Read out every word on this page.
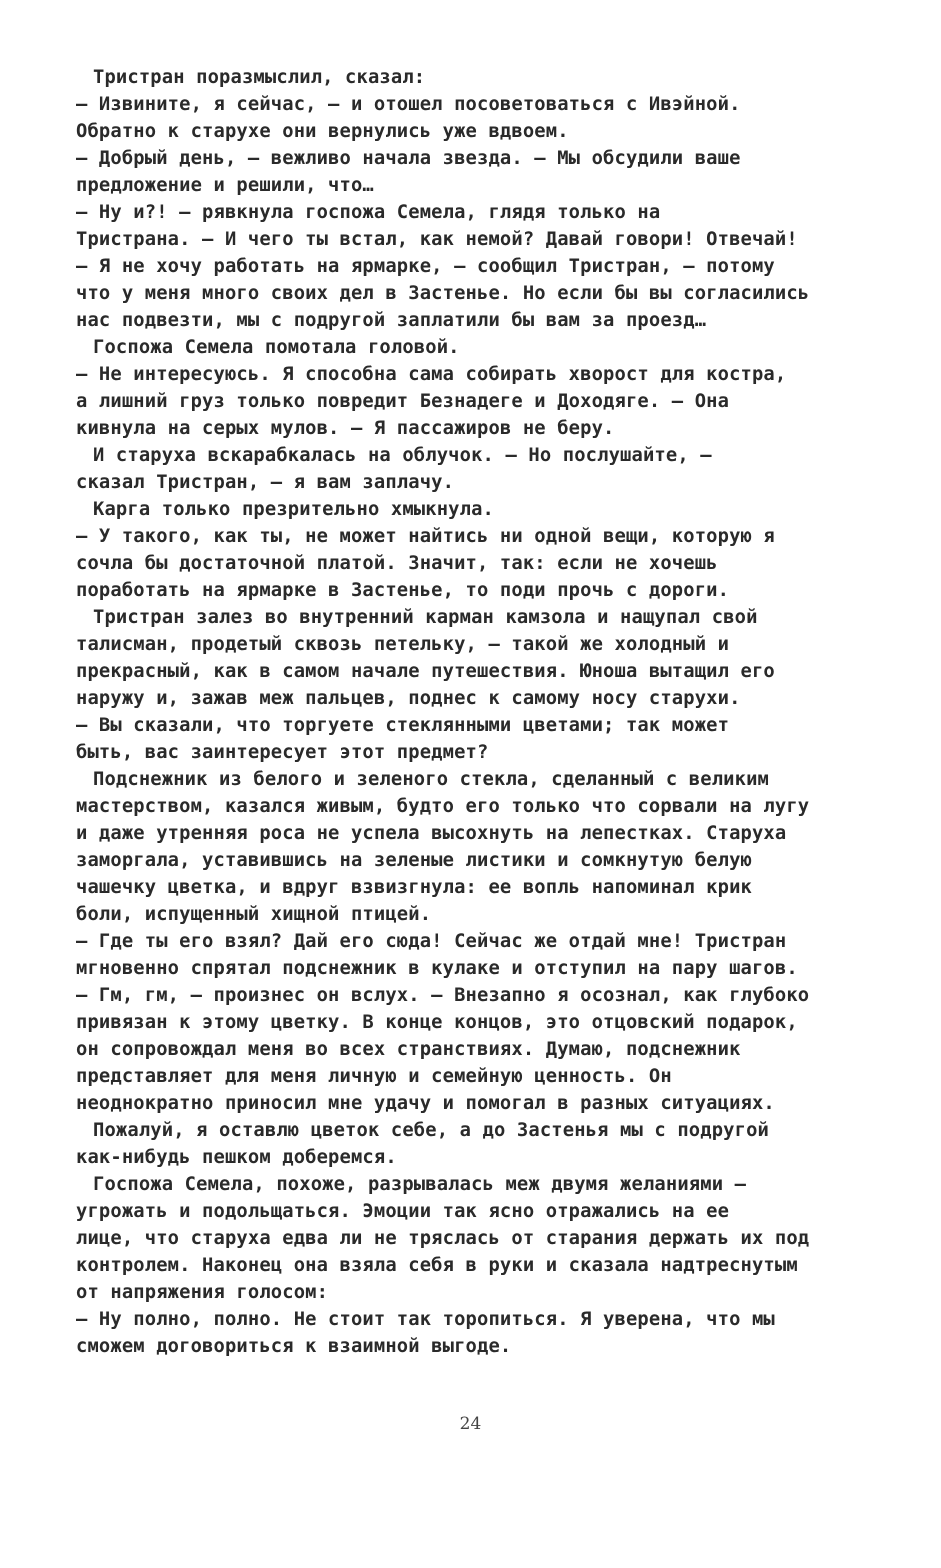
Тристран поразмыслил, сказал:
— Извините, я сейчас, — и отошел посоветоваться с Ивэйной.
Обратно к старухе они вернулись уже вдвоем.
— Добрый день, — вежливо начала звезда. — Мы обсудили ваше
предложение и решили, что…
— Ну и?! — рявкнула госпожа Семела, глядя только на
Тристрана. — И чего ты встал, как немой? Давай говори! Отвечай!
— Я не хочу работать на ярмарке, — сообщил Тристран, — потому
что у меня много своих дел в Застенье. Но если бы вы согласились
нас подвезти, мы с подругой заплатили бы вам за проезд…
Госпожа Семела помотала головой.
— Не интересуюсь. Я способна сама собирать хворост для костра,
а лишний груз только повредит Безнадеге и Доходяге. — Она
кивнула на серых мулов. — Я пассажиров не беру.
И старуха вскарабкалась на облучок. — Но послушайте, —
сказал Тристран, — я вам заплачу.
Карга только презрительно хмыкнула.
— У такого, как ты, не может найтись ни одной вещи, которую я
сочла бы достаточной платой. Значит, так: если не хочешь
поработать на ярмарке в Застенье, то поди прочь с дороги.
Тристран залез во внутренний карман камзола и нащупал свой
талисман, продетый сквозь петельку, — такой же холодный и
прекрасный, как в самом начале путешествия. Юноша вытащил его
наружу и, зажав меж пальцев, поднес к самому носу старухи.
— Вы сказали, что торгуете стеклянными цветами; так может
быть, вас заинтересует этот предмет?
Подснежник из белого и зеленого стекла, сделанный с великим
мастерством, казался живым, будто его только что сорвали на лугу
и даже утренняя роса не успела высохнуть на лепестках. Старуха
заморгала, уставившись на зеленые листики и сомкнутую белую
чашечку цветка, и вдруг взвизгнула: ее вопль напоминал крик
боли, испущенный хищной птицей.
— Где ты его взял? Дай его сюда! Сейчас же отдай мне! Тристран
мгновенно спрятал подснежник в кулаке и отступил на пару шагов.
— Гм, гм, — произнес он вслух. — Внезапно я осознал, как глубоко
привязан к этому цветку. В конце концов, это отцовский подарок,
он сопровождал меня во всех странствиях. Думаю, подснежник
представляет для меня личную и семейную ценность. Он
неоднократно приносил мне удачу и помогал в разных ситуациях.
Пожалуй, я оставлю цветок себе, а до Застенья мы с подругой
как-нибудь пешком доберемся.
Госпожа Семела, похоже, разрывалась меж двумя желаниями —
угрожать и подольщаться. Эмоции так ясно отражались на ее
лице, что старуха едва ли не тряслась от старания держать их под
контролем. Наконец она взяла себя в руки и сказала надтреснутым
от напряжения голосом:
— Ну полно, полно. Не стоит так торопиться. Я уверена, что мы
сможем договориться к взаимной выгоде.
24
